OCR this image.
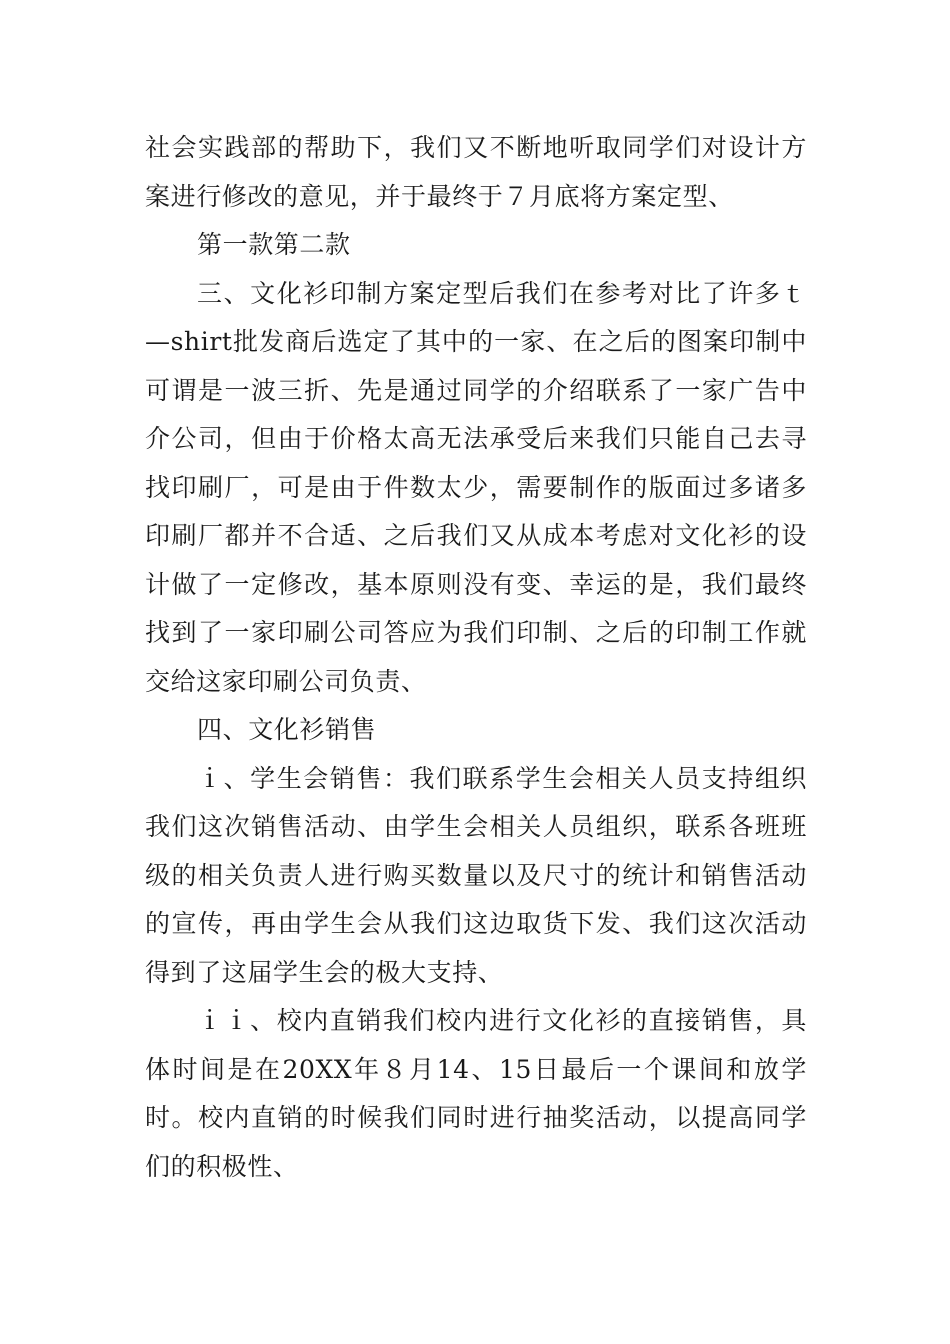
社会实践部的帮助下，我们又不断地听取同学们对设计方案进行修改的意见，并于最终于７月底将方案定型、

第一款第二款

三、文化衫印制方案定型后我们在参考对比了许多ｔ—shirt批发商后选定了其中的一家、在之后的图案印制中可谓是一波三折、先是通过同学的介绍联系了一家广告中介公司，但由于价格太高无法承受后来我们只能自己去寻找印刷厂，可是由于件数太少，需要制作的版面过多诸多印刷厂都并不合适、之后我们又从成本考虑对文化衫的设计做了一定修改，基本原则没有变、幸运的是，我们最终找到了一家印刷公司答应为我们印制、之后的印制工作就交给这家印刷公司负责、

四、文化衫销售

ｉ、学生会销售：我们联系学生会相关人员支持组织我们这次销售活动、由学生会相关人员组织，联系各班班级的相关负责人进行购买数量以及尺寸的统计和销售活动的宣传，再由学生会从我们这边取货下发、我们这次活动得到了这届学生会的极大支持、

ｉｉ、校内直销我们校内进行文化衫的直接销售，具体时间是在20XX年８月14、15日最后一个课间和放学时。校内直销的时候我们同时进行抽奖活动，以提高同学们的积极性、
